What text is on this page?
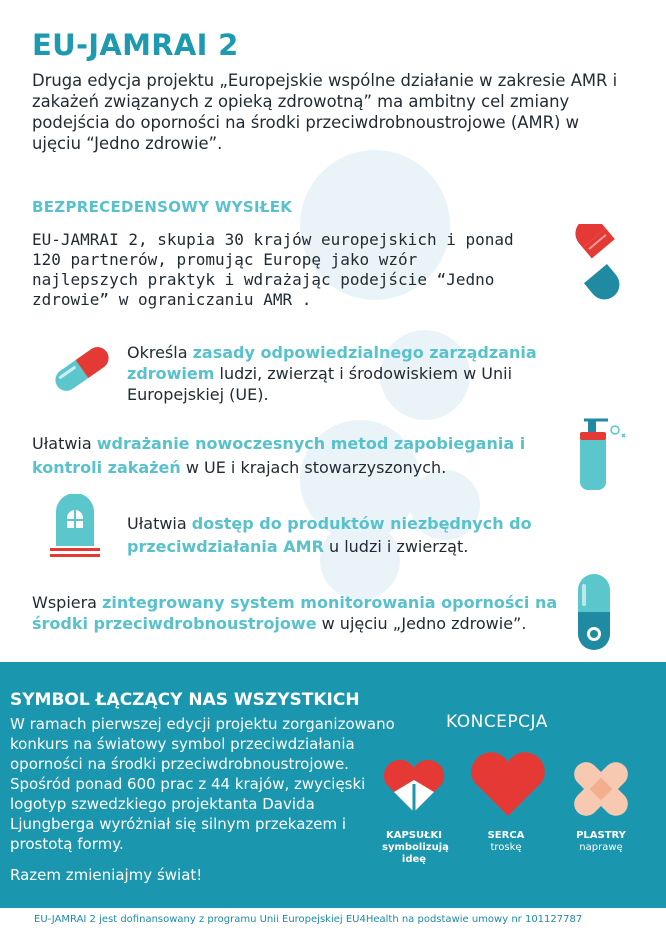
EU-JAMRAI 2

Druga edycja projektu „Europejskie wspólne działanie w zakresie AMR i zakażeń związanych z opieką zdrowotną” ma ambitny cel zmiany podejścia do oporności na środki przeciwdrobnoustrojowe (AMR) w ujęciu “Jedno zdrowie”.

BEZPRECEDENSOWY WYSIŁEK

EU-JAMRAI 2, skupia 30 krajów europejskich i ponad
120 partnerów, promując Europę jako wzór
najlepszych praktyk i wdrażając podejście “Jedno
zdrowie” w ograniczaniu AMR .

Określa zasady odpowiedzialnego zarządzania zdrowiem ludzi, zwierząt i środowiskiem w Unii Europejskiej (UE).

Ułatwia wdrażanie nowoczesnych metod zapobiegania i kontroli zakażeń w UE i krajach stowarzyszonych.

Ułatwia dostęp do produktów niezbędnych do przeciwdziałania AMR u ludzi i zwierząt.

Wspiera zintegrowany system monitorowania oporności na środki przeciwdrobnoustrojowe w ujęciu „Jedno zdrowie”.

SYMBOL ŁĄCZĄCY NAS WSZYSTKICH

W ramach pierwszej edycji projektu zorganizowano konkurs na światowy symbol przeciwdziałania oporności na środki przeciwdrobnoustrojowe. Spośród ponad 600 prac z 44 krajów, zwycięski logotyp szwedzkiego projektanta Davida Ljungberga wyróżniał się silnym przekazem i prostotą formy.

Razem zmieniajmy świat!

KONCEPCJA

KAPSUŁKI symbolizują ideę
SERCA
troskę
PLASTRY
naprawę

EU-JAMRAI 2 jest dofinansowany z programu Unii Europejskiej EU4Health na podstawie umowy nr 101127787
